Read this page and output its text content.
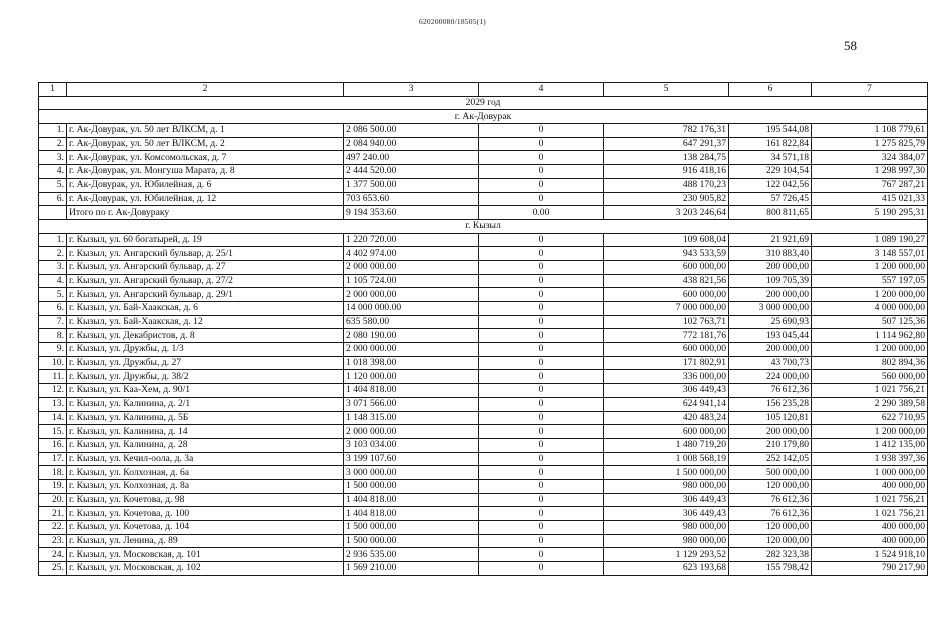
620200080/18505(1)
58
1	2	3	4	5	6	7
2029 год						
г. Ак-Довурак						
1.	г. Ак-Довурак, ул. 50 лет ВЛКСМ, д. 1	2 086 500.00	0	782 176,31	195 544,08	1 108 779,61
2.	г. Ак-Довурак, ул. 50 лет ВЛКСМ, д. 2	2 084 940.00	0	647 291,37	161 822,84	1 275 825,79
3.	г. Ак-Довурак, ул. Комсомольская, д. 7	497 240.00	0	138 284,75	34 571,18	324 384,07
4.	г. Ак-Довурак, ул. Монгуша Марата, д. 8	2 444 520.00	0	916 418,16	229 104,54	1 298 997,30
5.	г. Ак-Довурак, ул. Юбилейная, д. 6	1 377 500.00	0	488 170,23	122 042,56	767 287,21
6.	г. Ак-Довурак, ул. Юбилейная, д. 12	703 653.60	0	230 905,82	57 726,45	415 021,33
	Итого по г. Ак-Довураку	9 194 353.60	0.00	3 203 246,64	800 811,65	5 190 295,31
г. Кызыл						
1.	г. Кызыл, ул. 60 богатырей, д. 19	1 220 720.00	0	109 608,04	21 921,69	1 089 190,27
2.	г. Кызыл, ул. Ангарский бульвар, д. 25/1	4 402 974.00	0	943 533,59	310 883,40	3 148 557,01
3.	г. Кызыл, ул. Ангарский бульвар, д. 27	2 000 000.00	0	600 000,00	200 000,00	1 200 000,00
4.	г. Кызыл, ул. Ангарский бульвар, д. 27/2	1 105 724.00	0	438 821,56	109 705,39	557 197,05
5.	г. Кызыл, ул. Ангарский бульвар, д. 29/1	2 000 000.00	0	600 000,00	200 000,00	1 200 000,00
6.	г. Кызыл, ул. Бай-Хаакская, д. 6	14 000 000.00	0	7 000 000,00	3 000 000,00	4 000 000,00
7.	г. Кызыл, ул. Бай-Хаакская, д. 12	635 580.00	0	102 763,71	25 690,93	507 125,36
8.	г. Кызыл, ул. Декабристов, д. 8	2 080 190.00	0	772 181,76	193 045,44	1 114 962,80
9.	г. Кызыл, ул. Дружбы, д. 1/3	2 000 000.00	0	600 000,00	200 000,00	1 200 000,00
10.	г. Кызыл, ул. Дружбы, д. 27	1 018 398.00	0	171 802,91	43 700,73	802 894,36
11.	г. Кызыл, ул. Дружбы, д. 38/2	1 120 000.00	0	336 000,00	224 000,00	560 000,00
12.	г. Кызыл, ул. Каа-Хем, д. 90/1	1 404 818.00	0	306 449,43	76 612,36	1 021 756,21
13.	г. Кызыл, ул. Калинина, д. 2/1	3 071 566.00	0	624 941,14	156 235,28	2 290 389,58
14.	г. Кызыл, ул. Калинина, д. 5Б	1 148 315.00	0	420 483,24	105 120,81	622 710,95
15.	г. Кызыл, ул. Калинина, д. 14	2 000 000.00	0	600 000,00	200 000,00	1 200 000,00
16.	г. Кызыл, ул. Калинина, д. 28	3 103 034.00	0	1 480 719,20	210 179,80	1 412 135,00
17.	г. Кызыл, ул. Кечил-оола, д. 3а	3 199 107.60	0	1 008 568,19	252 142,05	1 938 397,36
18.	г. Кызыл, ул. Колхозная, д. 6а	3 000 000.00	0	1 500 000,00	500 000,00	1 000 000,00
19.	г. Кызыл, ул. Колхозная, д. 8а	1 500 000.00	0	980 000,00	120 000,00	400 000,00
20.	г. Кызыл, ул. Кочетова, д. 98	1 404 818.00	0	306 449,43	76 612,36	1 021 756,21
21.	г. Кызыл, ул. Кочетова, д. 100	1 404 818.00	0	306 449,43	76 612,36	1 021 756,21
22.	г. Кызыл, ул. Кочетова, д. 104	1 500 000.00	0	980 000,00	120 000,00	400 000,00
23.	г. Кызыл, ул. Ленина, д. 89	1 500 000.00	0	980 000,00	120 000,00	400 000,00
24.	г. Кызыл, ул. Московская, д. 101	2 936 535.00	0	1 129 293,52	282 323,38	1 524 918,10
25.	г. Кызыл, ул. Московская, д. 102	1 569 210.00	0	623 193,68	155 798,42	790 217,90
